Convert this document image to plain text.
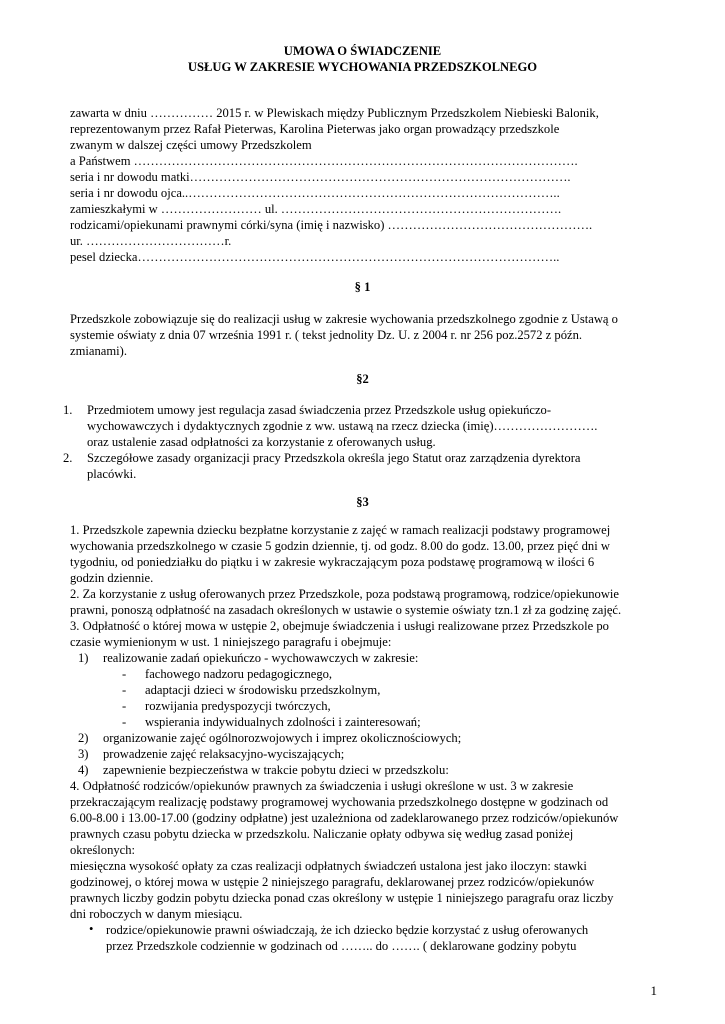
UMOWA O ŚWIADCZENIE
USŁUG W ZAKRESIE WYCHOWANIA PRZEDSZKOLNEGO
zawarta w dniu …………… 2015 r. w Plewiskach między Publicznym Przedszkolem Niebieski Balonik,
reprezentowanym przez Rafał Pieterwas, Karolina Pieterwas jako organ prowadzący przedszkole
zwanym w dalszej części umowy Przedszkolem
a Państwem …………………………………………………………………………………………….
seria i nr dowodu matki……………………………………………………………………………….
seria i nr dowodu ojca..……………………………………………………………………………..
zamieszkałymi w …………………… ul. ………………………………………………………….
rodzicami/opiekunami prawnymi córki/syna (imię i nazwisko) ………………………………………….
ur. ……………………………r.
pesel dziecka………………………………………………………………………………………..
§ 1
Przedszkole zobowiązuje się do realizacji usług w zakresie wychowania przedszkolnego zgodnie z Ustawą o
systemie oświaty z dnia 07 września 1991 r. ( tekst jednolity Dz. U. z 2004 r. nr 256 poz.2572 z późn.
zmianami).
§2
1. Przedmiotem umowy jest regulacja zasad świadczenia przez Przedszkole usług opiekuńczo-
wychowawczych i dydaktycznych zgodnie z ww. ustawą na rzecz dziecka (imię)…………………….
oraz ustalenie zasad odpłatności za korzystanie z oferowanych usług.
2. Szczegółowe zasady organizacji pracy Przedszkola określa jego Statut oraz zarządzenia dyrektora
placówki.
§3
1. Przedszkole zapewnia dziecku bezpłatne korzystanie z zajęć w ramach realizacji podstawy programowej
wychowania przedszkolnego w czasie 5 godzin dziennie, tj. od godz. 8.00 do godz. 13.00, przez pięć dni w
tygodniu, od poniedziałku do piątku i w zakresie wykraczającym poza podstawę programową w ilości 6
godzin dziennie.
2. Za korzystanie z usług oferowanych przez Przedszkole, poza podstawą programową, rodzice/opiekunowie
prawni, ponoszą odpłatność na zasadach określonych w ustawie o systemie oświaty tzn.1 zł za godzinę zajęć.
3. Odpłatność o której mowa w ustępie 2, obejmuje świadczenia i usługi realizowane przez Przedszkole po
czasie wymienionym w ust. 1 niniejszego paragrafu i obejmuje:
1) realizowanie zadań opiekuńczo - wychowawczych w zakresie:
- fachowego nadzoru pedagogicznego,
- adaptacji dzieci w środowisku przedszkolnym,
- rozwijania predyspozycji twórczych,
- wspierania indywidualnych zdolności i zainteresowań;
2) organizowanie zajęć ogólnorozwojowych i imprez okolicznościowych;
3) prowadzenie zajęć relaksacyjno-wyciszających;
4) zapewnienie bezpieczeństwa w trakcie pobytu dzieci w przedszkolu:
4. Odpłatność rodziców/opiekunów prawnych za świadczenia i usługi określone w ust. 3 w zakresie
przekraczającym realizację podstawy programowej wychowania przedszkolnego dostępne w godzinach od
6.00-8.00 i 13.00-17.00 (godziny odpłatne) jest uzależniona od zadeklarowanego przez rodziców/opiekunów
prawnych czasu pobytu dziecka w przedszkolu. Naliczanie opłaty odbywa się według zasad poniżej
określonych:
miesięczna wysokość opłaty za czas realizacji odpłatnych świadczeń ustalona jest jako iloczyn: stawki
godzinowej, o której mowa w ustępie 2 niniejszego paragrafu, deklarowanej przez rodziców/opiekunów
prawnych liczby godzin pobytu dziecka ponad czas określony w ustępie 1 niniejszego paragrafu oraz liczby
dni roboczych w danym miesiącu.
• rodzice/opiekunowie prawni oświadczają, że ich dziecko będzie korzystać z usług oferowanych
przez Przedszkole codziennie w godzinach od …….. do ……. ( deklarowane godziny pobytu
1
